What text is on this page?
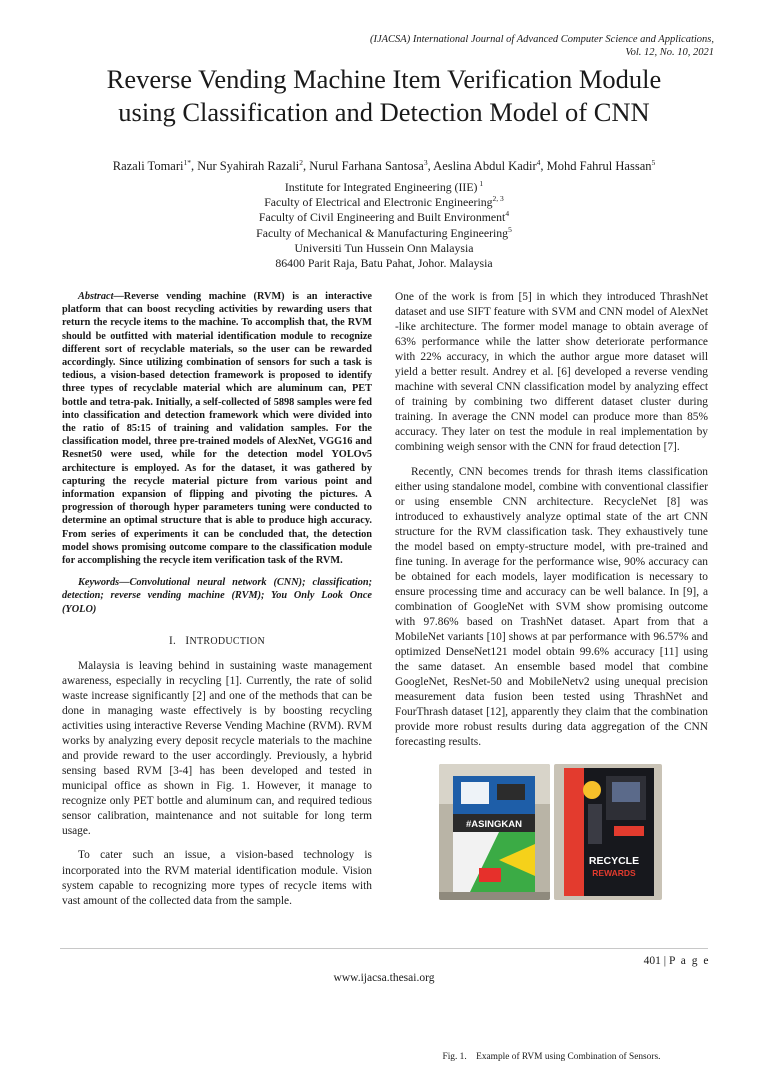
(IJACSA) International Journal of Advanced Computer Science and Applications,
Vol. 12, No. 10, 2021
Reverse Vending Machine Item Verification Module
using Classification and Detection Model of CNN
Razali Tomari$^{1*}$, Nur Syahirah Razali$^2$, Nurul Farhana Santosa$^3$, Aeslina Abdul Kadir$^4$, Mohd Fahrul Hassan$^5$
Institute for Integrated Engineering (IIE) $^1$
Faculty of Electrical and Electronic Engineering$^{2, 3}$
Faculty of Civil Engineering and Built Environment$^4$
Faculty of Mechanical & Manufacturing Engineering$^5$
Universiti Tun Hussein Onn Malaysia
86400 Parit Raja, Batu Pahat, Johor. Malaysia

Abstract—Reverse vending machine (RVM) is an interactive platform that can boost recycling activities by rewarding users that return the recycle items to the machine. To accomplish that, the RVM should be outfitted with material identification module to recognize different sort of recyclable materials, so the user can be rewarded accordingly. Since utilizing combination of sensors for such a task is tedious, a vision-based detection framework is proposed to identify three types of recyclable material which are aluminum can, PET bottle and tetra-pak. Initially, a self-collected of 5898 samples were fed into classification and detection framework which were divided into the ratio of 85:15 of training and validation samples. For the classification model, three pre-trained models of AlexNet, VGG16 and Resnet50 were used, while for the detection model YOLOv5 architecture is employed. As for the dataset, it was gathered by capturing the recycle material picture from various point and information expansion of flipping and pivoting the pictures. A progression of thorough hyper parameters tuning were conducted to determine an optimal structure that is able to produce high accuracy. From series of experiments it can be concluded that, the detection model shows promising outcome compare to the classification module for accomplishing the recycle item verification task of the RVM.

Keywords—Convolutional neural network (CNN); classification; detection; reverse vending machine (RVM); You Only Look Once (YOLO)

I. INTRODUCTION

Malaysia is leaving behind in sustaining waste management awareness, especially in recycling [1]. Currently, the rate of solid waste increase significantly [2] and one of the methods that can be done in managing waste effectively is by boosting recycling activities using interactive Reverse Vending Machine (RVM). RVM works by analyzing every deposit recycle materials to the machine and provide reward to the user accordingly. Previously, a hybrid sensing based RVM [3-4] has been developed and tested in municipal office as shown in Fig. 1. However, it manage to recognize only PET bottle and aluminum can, and required tedious sensor calibration, maintenance and not suitable for long term usage.

To cater such an issue, a vision-based technology is incorporated into the RVM material identification module. Vision system capable to recognizing more types of recycle items with vast amount of the collected data from the sample.

One of the work is from [5] in which they introduced ThrashNet dataset and use SIFT feature with SVM and CNN model of AlexNet -like architecture. The former model manage to obtain average of 63% performance while the latter show deteriorate performance with 22% accuracy, in which the author argue more dataset will yield a better result. Andrey et al. [6] developed a reverse vending machine with several CNN classification model by analyzing effect of training by combining two different dataset cluster during training. In average the CNN model can produce more than 85% accuracy. They later on test the module in real implementation by combining weigh sensor with the CNN for fraud detection [7].

Recently, CNN becomes trends for thrash items classification either using standalone model, combine with conventional classifier or using ensemble CNN architecture. RecycleNet [8] was introduced to exhaustively analyze optimal state of the art CNN structure for the RVM classification task. They exhaustively tune the model based on empty-structure model, with pre-trained and fine tuning. In average for the performance wise, 90% accuracy can be obtained for each models, layer modification is necessary to ensure processing time and accuracy can be well balance. In [9], a combination of GoogleNet with SVM show promising outcome with 97.86% based on TrashNet dataset. Apart from that a MobileNet variants [10] shows at par performance with 96.57% and optimized DenseNet121 model obtain 99.6% accuracy [11] using the same dataset. An ensemble based model that combine GoogleNet, ResNet-50 and MobileNetv2 using unequal precision measurement data fusion been tested using ThrashNet and FourThrash dataset [12], apparently they claim that the combination provide more robust results during data aggregation of the CNN forecasting results.

#ASINGKAN
RECYCLE
REWARDS
Fig. 1. Example of RVM using Combination of Sensors.
401 | P a g e
www.ijacsa.thesai.org
